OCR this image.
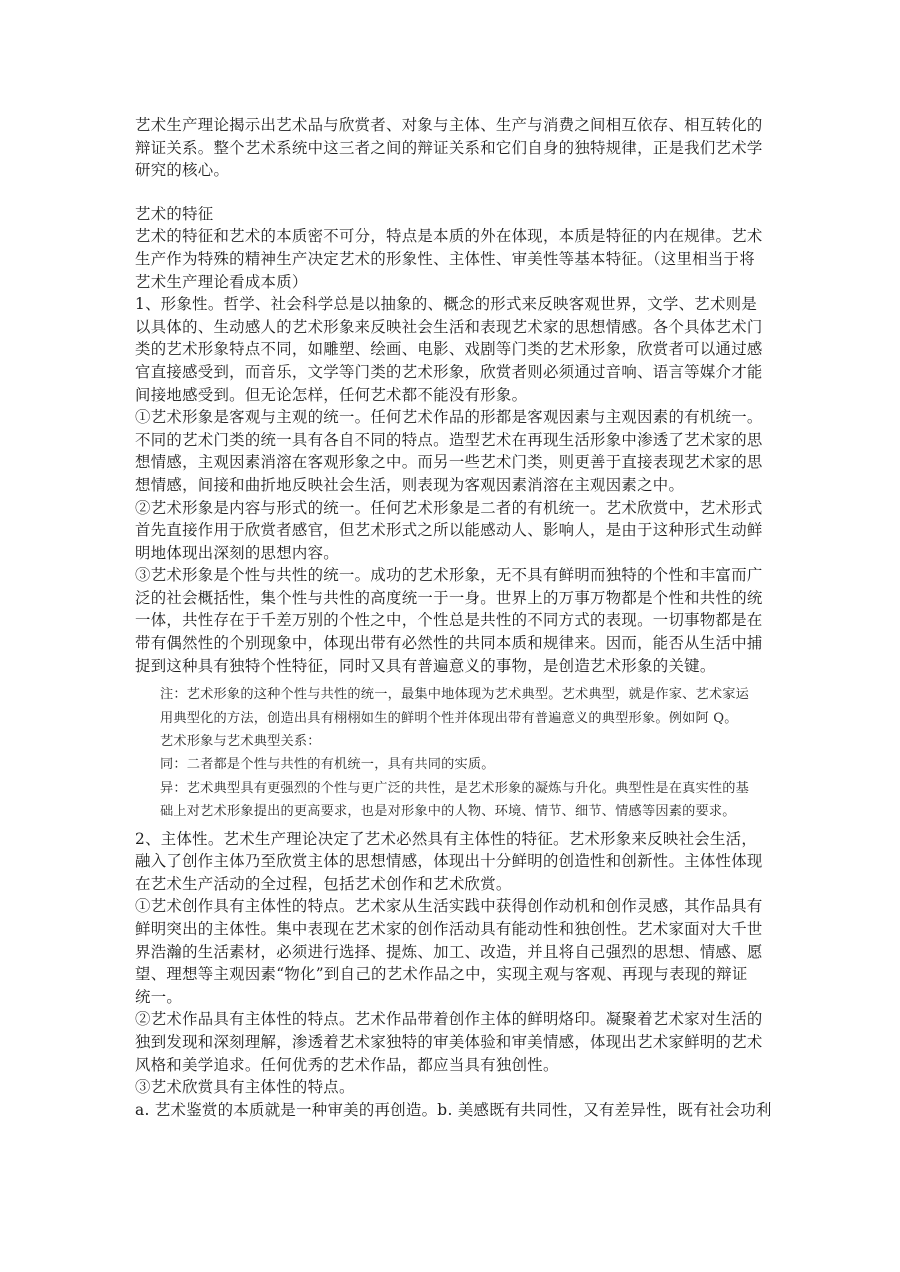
艺术生产理论揭示出艺术品与欣赏者、对象与主体、生产与消费之间相互依存、相互转化的
辩证关系。整个艺术系统中这三者之间的辩证关系和它们自身的独特规律，正是我们艺术学
研究的核心。
艺术的特征
艺术的特征和艺术的本质密不可分，特点是本质的外在体现，本质是特征的内在规律。艺术
生产作为特殊的精神生产决定艺术的形象性、主体性、审美性等基本特征。（这里相当于将
艺术生产理论看成本质）
1、形象性。哲学、社会科学总是以抽象的、概念的形式来反映客观世界，文学、艺术则是
以具体的、生动感人的艺术形象来反映社会生活和表现艺术家的思想情感。各个具体艺术门
类的艺术形象特点不同，如雕塑、绘画、电影、戏剧等门类的艺术形象，欣赏者可以通过感
官直接感受到，而音乐，文学等门类的艺术形象，欣赏者则必须通过音响、语言等媒介才能
间接地感受到。但无论怎样，任何艺术都不能没有形象。
①艺术形象是客观与主观的统一。任何艺术作品的形都是客观因素与主观因素的有机统一。
不同的艺术门类的统一具有各自不同的特点。造型艺术在再现生活形象中渗透了艺术家的思
想情感，主观因素消溶在客观形象之中。而另一些艺术门类，则更善于直接表现艺术家的思
想情感，间接和曲折地反映社会生活，则表现为客观因素消溶在主观因素之中。
②艺术形象是内容与形式的统一。任何艺术形象是二者的有机统一。艺术欣赏中，艺术形式
首先直接作用于欣赏者感官，但艺术形式之所以能感动人、影响人，是由于这种形式生动鲜
明地体现出深刻的思想内容。
③艺术形象是个性与共性的统一。成功的艺术形象，无不具有鲜明而独特的个性和丰富而广
泛的社会概括性，集个性与共性的高度统一于一身。世界上的万事万物都是个性和共性的统
一体，共性存在于千差万别的个性之中，个性总是共性的不同方式的表现。一切事物都是在
带有偶然性的个别现象中，体现出带有必然性的共同本质和规律来。因而，能否从生活中捕
捉到这种具有独特个性特征，同时又具有普遍意义的事物，是创造艺术形象的关键。
注：艺术形象的这种个性与共性的统一，最集中地体现为艺术典型。艺术典型，就是作家、艺术家运
用典型化的方法，创造出具有栩栩如生的鲜明个性并体现出带有普遍意义的典型形象。例如阿 Q。
艺术形象与艺术典型关系：
同：二者都是个性与共性的有机统一，具有共同的实质。
异：艺术典型具有更强烈的个性与更广泛的共性，是艺术形象的凝炼与升化。典型性是在真实性的基
础上对艺术形象提出的更高要求，也是对形象中的人物、环境、情节、细节、情感等因素的要求。
2、主体性。艺术生产理论决定了艺术必然具有主体性的特征。艺术形象来反映社会生活，
融入了创作主体乃至欣赏主体的思想情感，体现出十分鲜明的创造性和创新性。主体性体现
在艺术生产活动的全过程，包括艺术创作和艺术欣赏。
①艺术创作具有主体性的特点。艺术家从生活实践中获得创作动机和创作灵感，其作品具有
鲜明突出的主体性。集中表现在艺术家的创作活动具有能动性和独创性。艺术家面对大千世
界浩瀚的生活素材，必须进行选择、提炼、加工、改造，并且将自己强烈的思想、情感、愿
望、理想等主观因素“物化”到自己的艺术作品之中，实现主观与客观、再现与表现的辩证
统一。
②艺术作品具有主体性的特点。艺术作品带着创作主体的鲜明烙印。凝聚着艺术家对生活的
独到发现和深刻理解，渗透着艺术家独特的审美体验和审美情感，体现出艺术家鲜明的艺术
风格和美学追求。任何优秀的艺术作品，都应当具有独创性。
③艺术欣赏具有主体性的特点。
a. 艺术鉴赏的本质就是一种审美的再创造。b. 美感既有共同性，又有差异性，既有社会功利
